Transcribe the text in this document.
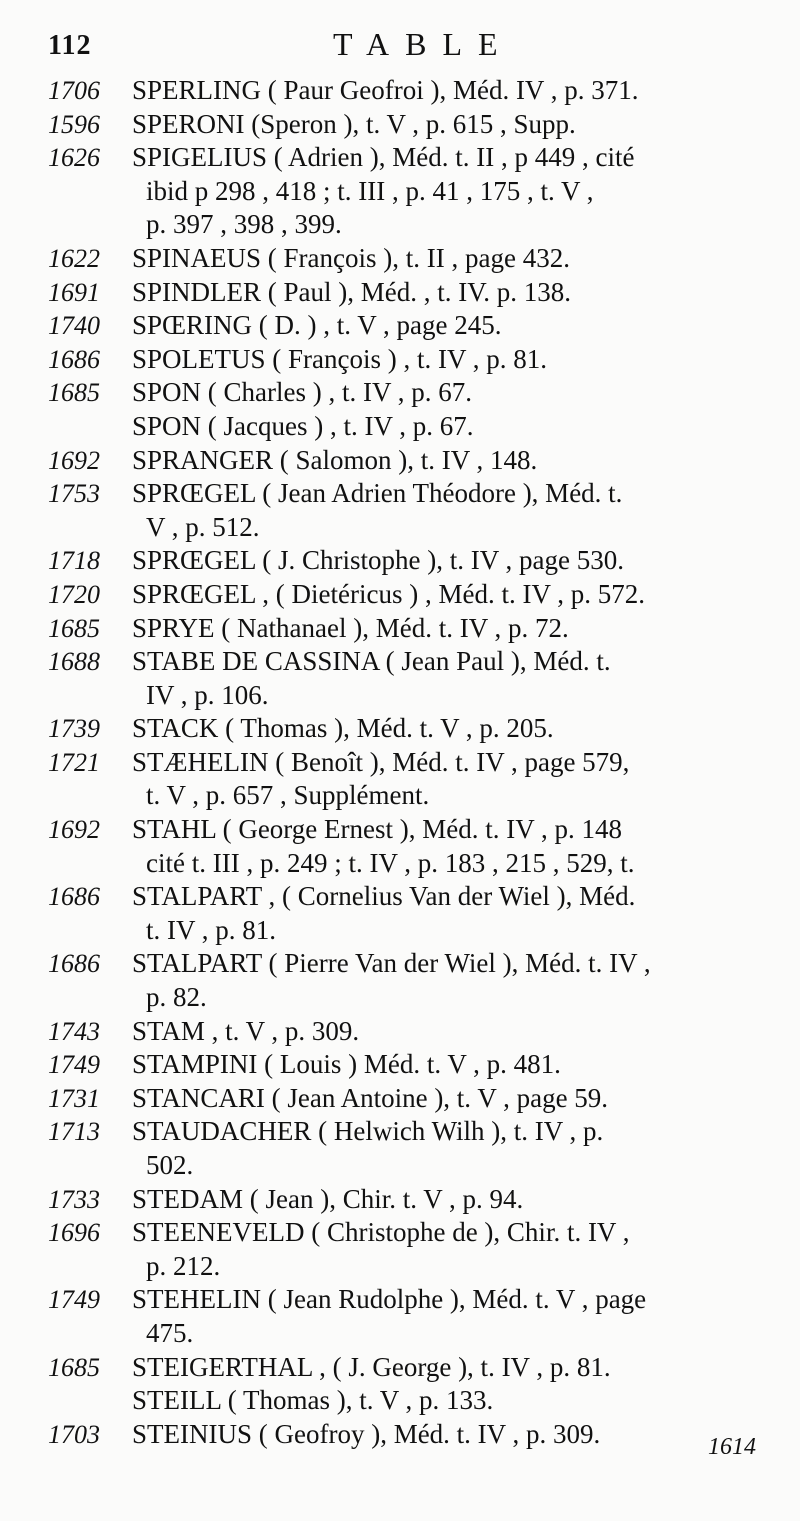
112	TABLE
1706	SPERLING ( Paur Geofroi ), Méd. IV , p. 371.
1596	SPERONI (Speron ), t. V , p. 615 , Supp.
1626	SPIGELIUS ( Adrien ), Méd. t. II , p 449 , cité
ibid p 298 , 418 ; t. III , p. 41 , 175 , t. V ,
p. 397 , 398 , 399.
1622	SPINAEUS ( François ), t. II , page 432.
1691	SPINDLER ( Paul ), Méd. , t. IV. p. 138.
1740	SPŒRING ( D. ) , t. V , page 245.
1686	SPOLETUS ( François ) , t. IV , p. 81.
1685	SPON ( Charles ) , t. IV , p. 67.
SPON ( Jacques ) , t. IV , p. 67.
1692	SPRANGER ( Salomon ), t. IV , 148.
1753	SPRŒGEL ( Jean Adrien Théodore ), Méd. t.
V , p. 512.
1718	SPRŒGEL ( J. Christophe ), t. IV , page 530.
1720	SPRŒGEL , ( Dietéricus ) , Méd. t. IV , p. 572.
1685	SPRYE ( Nathanael ), Méd. t. IV , p. 72.
1688	STABE DE CASSINA ( Jean Paul ), Méd. t.
IV , p. 106.
1739	STACK ( Thomas ), Méd. t. V , p. 205.
1721	STÆHELIN ( Benoît ), Méd. t. IV , page 579,
t. V , p. 657 , Supplément.
1692	STAHL ( George Ernest ), Méd. t. IV , p. 148
cité t. III , p. 249 ; t. IV , p. 183 , 215 , 529, t.
1686	STALPART , ( Cornelius Van der Wiel ), Méd.
t. IV , p. 81.
1686	STALPART ( Pierre Van der Wiel ), Méd. t. IV ,
p. 82.
1743	STAM , t. V , p. 309.
1749	STAMPINI ( Louis ) Méd. t. V , p. 481.
1731	STANCARI ( Jean Antoine ), t. V , page 59.
1713	STAUDACHER ( Helwich Wilh ), t. IV , p.
502.
1733	STEDAM ( Jean ), Chir. t. V , p. 94.
1696	STEENEVELD ( Christophe de ), Chir. t. IV ,
p. 212.
1749	STEHELIN ( Jean Rudolphe ), Méd. t. V , page
475.
1685	STEIGERTHAL , ( J. George ), t. IV , p. 81.
STEILL ( Thomas ), t. V , p. 133.
1703	STEINIUS ( Geofroy ), Méd. t. IV , p. 309.	1614
